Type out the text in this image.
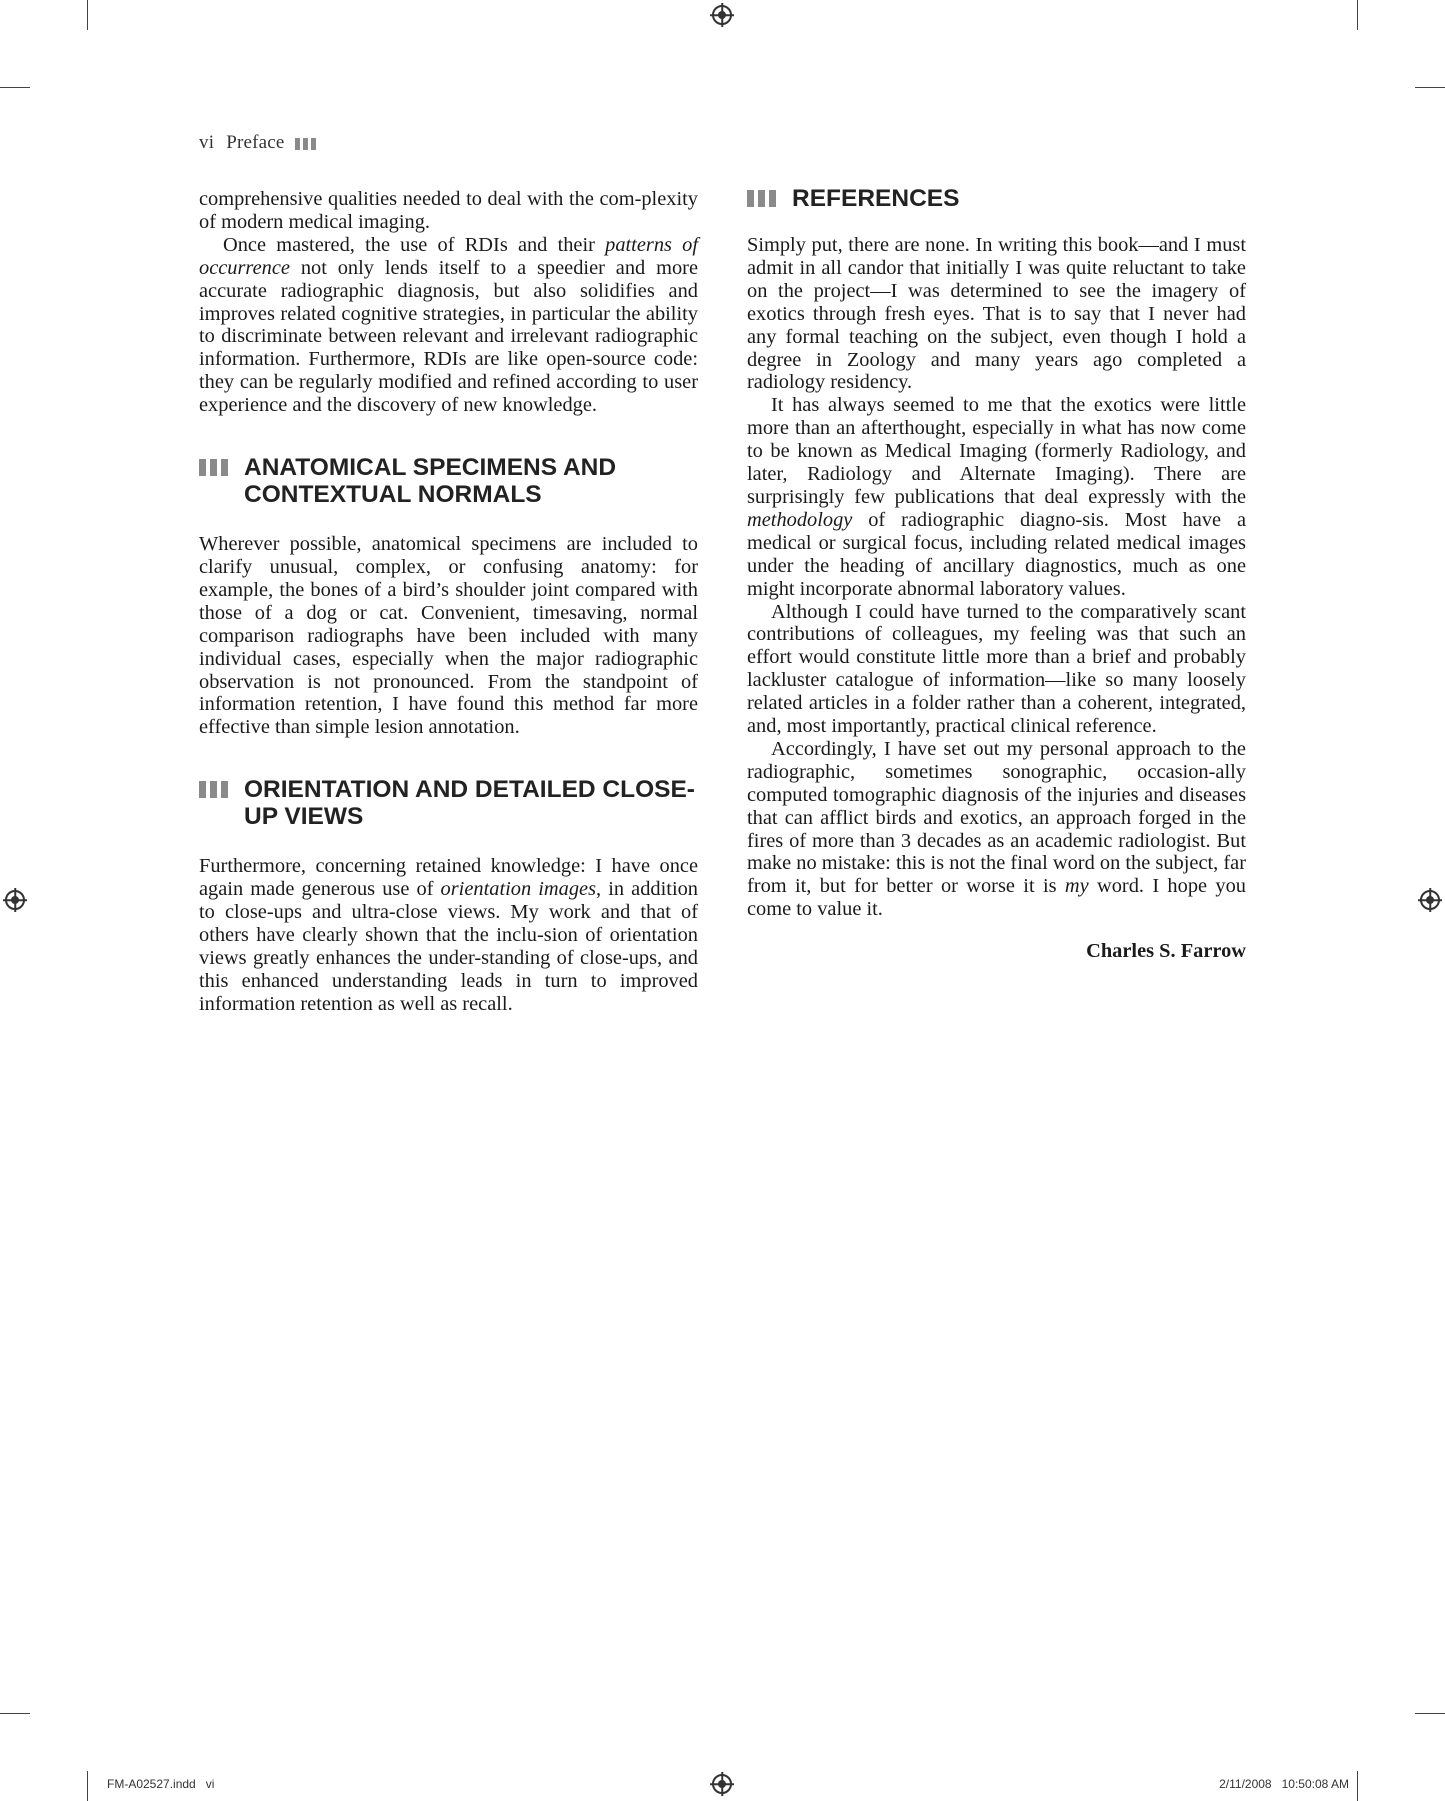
vi Preface

comprehensive qualities needed to deal with the com-plexity of modern medical imaging.

Once mastered, the use of RDIs and their patterns of occurrence not only lends itself to a speedier and more accurate radiographic diagnosis, but also solidifies and improves related cognitive strategies, in particular the ability to discriminate between relevant and irrelevant radiographic information. Furthermore, RDIs are like open-source code: they can be regularly modified and refined according to user experience and the discovery of new knowledge.

ANATOMICAL SPECIMENS AND CONTEXTUAL NORMALS

Wherever possible, anatomical specimens are included to clarify unusual, complex, or confusing anatomy: for example, the bones of a bird’s shoulder joint compared with those of a dog or cat. Convenient, timesaving, normal comparison radiographs have been included with many individual cases, especially when the major radiographic observation is not pronounced. From the standpoint of information retention, I have found this method far more effective than simple lesion annotation.

ORIENTATION AND DETAILED CLOSE-UP VIEWS

Furthermore, concerning retained knowledge: I have once again made generous use of orientation images, in addition to close-ups and ultra-close views. My work and that of others have clearly shown that the inclu-sion of orientation views greatly enhances the under-standing of close-ups, and this enhanced understanding leads in turn to improved information retention as well as recall.

REFERENCES

Simply put, there are none. In writing this book—and I must admit in all candor that initially I was quite reluctant to take on the project—I was determined to see the imagery of exotics through fresh eyes. That is to say that I never had any formal teaching on the subject, even though I hold a degree in Zoology and many years ago completed a radiology residency.

It has always seemed to me that the exotics were little more than an afterthought, especially in what has now come to be known as Medical Imaging (formerly Radiology, and later, Radiology and Alternate Imaging). There are surprisingly few publications that deal expressly with the methodology of radiographic diagno-sis. Most have a medical or surgical focus, including related medical images under the heading of ancillary diagnostics, much as one might incorporate abnormal laboratory values.

Although I could have turned to the comparatively scant contributions of colleagues, my feeling was that such an effort would constitute little more than a brief and probably lackluster catalogue of information—like so many loosely related articles in a folder rather than a coherent, integrated, and, most importantly, practical clinical reference.

Accordingly, I have set out my personal approach to the radiographic, sometimes sonographic, occasion-ally computed tomographic diagnosis of the injuries and diseases that can afflict birds and exotics, an approach forged in the fires of more than 3 decades as an academic radiologist. But make no mistake: this is not the final word on the subject, far from it, but for better or worse it is my word. I hope you come to value it.

Charles S. Farrow
FM-A02527.indd   vi	2/11/2008   10:50:08 AM
